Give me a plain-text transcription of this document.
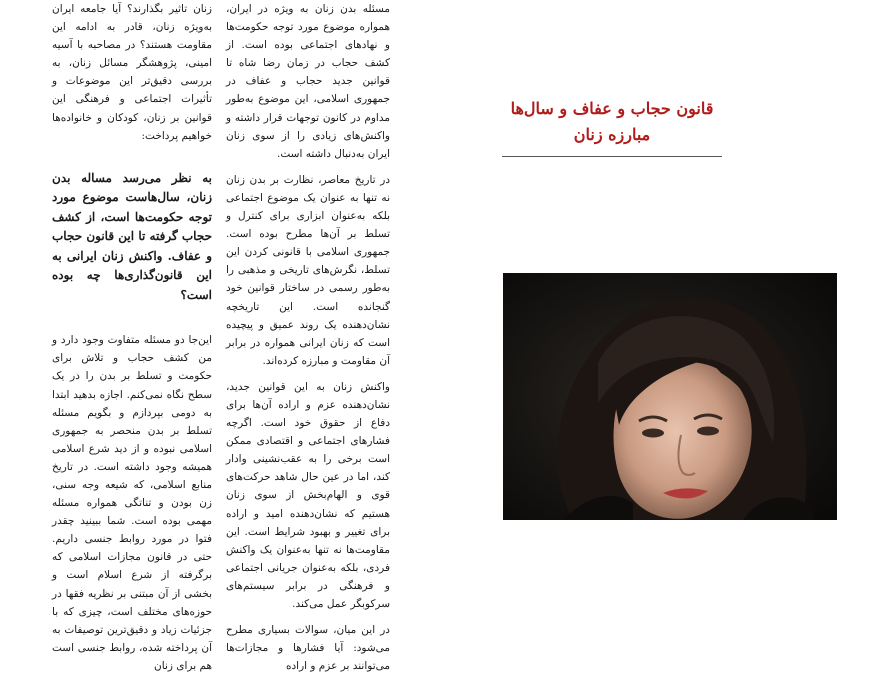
مسئله بدن زنان به ویژه در ایران، همواره موضوع مورد توجه حکومت‌ها و نهادهای اجتماعی بوده است. از کشف حجاب در زمان رضا شاه تا قوانین جدید حجاب و عفاف در جمهوری اسلامی، این موضوع به‌طور مداوم در کانون توجهات قرار داشته و واکنش‌های زیادی را از سوی زنان ایران به‌دنبال داشته است.

در تاریخ معاصر، نظارت بر بدن زنان نه تنها به عنوان یک موضوع اجتماعی بلکه به‌عنوان ابزاری برای کنترل و تسلط بر آن‌ها مطرح بوده است. جمهوری اسلامی با قانونی کردن این تسلط، نگرش‌های تاریخی و مذهبی را به‌طور رسمی در ساختار قوانین خود گنجانده است. این تاریخچه نشان‌دهنده یک روند عمیق و پیچیده است که زنان ایرانی همواره در برابر آن مقاومت و مبارزه کرده‌اند.

واکنش زنان به این قوانین جدید، نشان‌دهنده عزم و اراده آن‌ها برای دفاع از حقوق خود است. اگرچه فشارهای اجتماعی و اقتصادی ممکن است برخی را به عقب‌نشینی وادار کند، اما در عین حال شاهد حرکت‌های قوی و الهام‌بخش از سوی زنان هستیم که نشان‌دهنده امید و اراده برای تغییر و بهبود شرایط است. این مقاومت‌ها نه تنها به‌عنوان یک واکنش فردی، بلکه به‌عنوان جریانی اجتماعی و فرهنگی در برابر سیستم‌های سرکوبگر عمل می‌کند.

در این میان، سوالات بسیاری مطرح می‌شود: آیا فشارها و مجازات‌ها می‌توانند بر عزم و اراده

زنان تاثیر بگذارند؟ آیا جامعه ایران به‌ویژه زنان، قادر به ادامه این مقاومت هستند؟ در مصاحبه با آسیه امینی، پژوهشگر مسائل زنان، به بررسی دقیق‌تر این موضوعات و تأثیرات اجتماعی و فرهنگی این قوانین بر زنان، کودکان و خانواده‌ها خواهیم پرداخت:

به نظر می‌رسد مساله بدن زنان، سال‌هاست موضوع مورد توجه حکومت‌ها است، از کشف حجاب گرفته تا این قانون حجاب و عفاف. واکنش زنان ایرانی به این قانون‌گذاری‌ها چه بوده است؟

این‌جا دو مسئله متفاوت وجود دارد و من کشف حجاب و تلاش برای حکومت و تسلط بر بدن را در یک سطح نگاه نمی‌کنم. اجازه بدهید ابتدا به دومی بپردازم و بگویم مسئله تسلط بر بدن منحصر به جمهوری اسلامی نبوده و از دید شرع اسلامی همیشه وجود داشته است. در تاریخ منابع اسلامی، که شیعه وجه سنی، زن بودن و تناتگی همواره مسئله مهمی بوده است. شما ببینید چقدر فتوا در مورد روابط جنسی داریم. حتی در قانون مجازات اسلامی که برگرفته از شرع اسلام است و بخشی از آن مبتنی بر نظریه فقها در حوزه‌های مختلف است، چیزی که با جزئیات زیاد و دقیق‌ترین توصیفات به آن پرداخته شده، روابط جنسی است هم برای زنان

قانون حجاب و عفاف و سال‌ها
مبارزه زنان
